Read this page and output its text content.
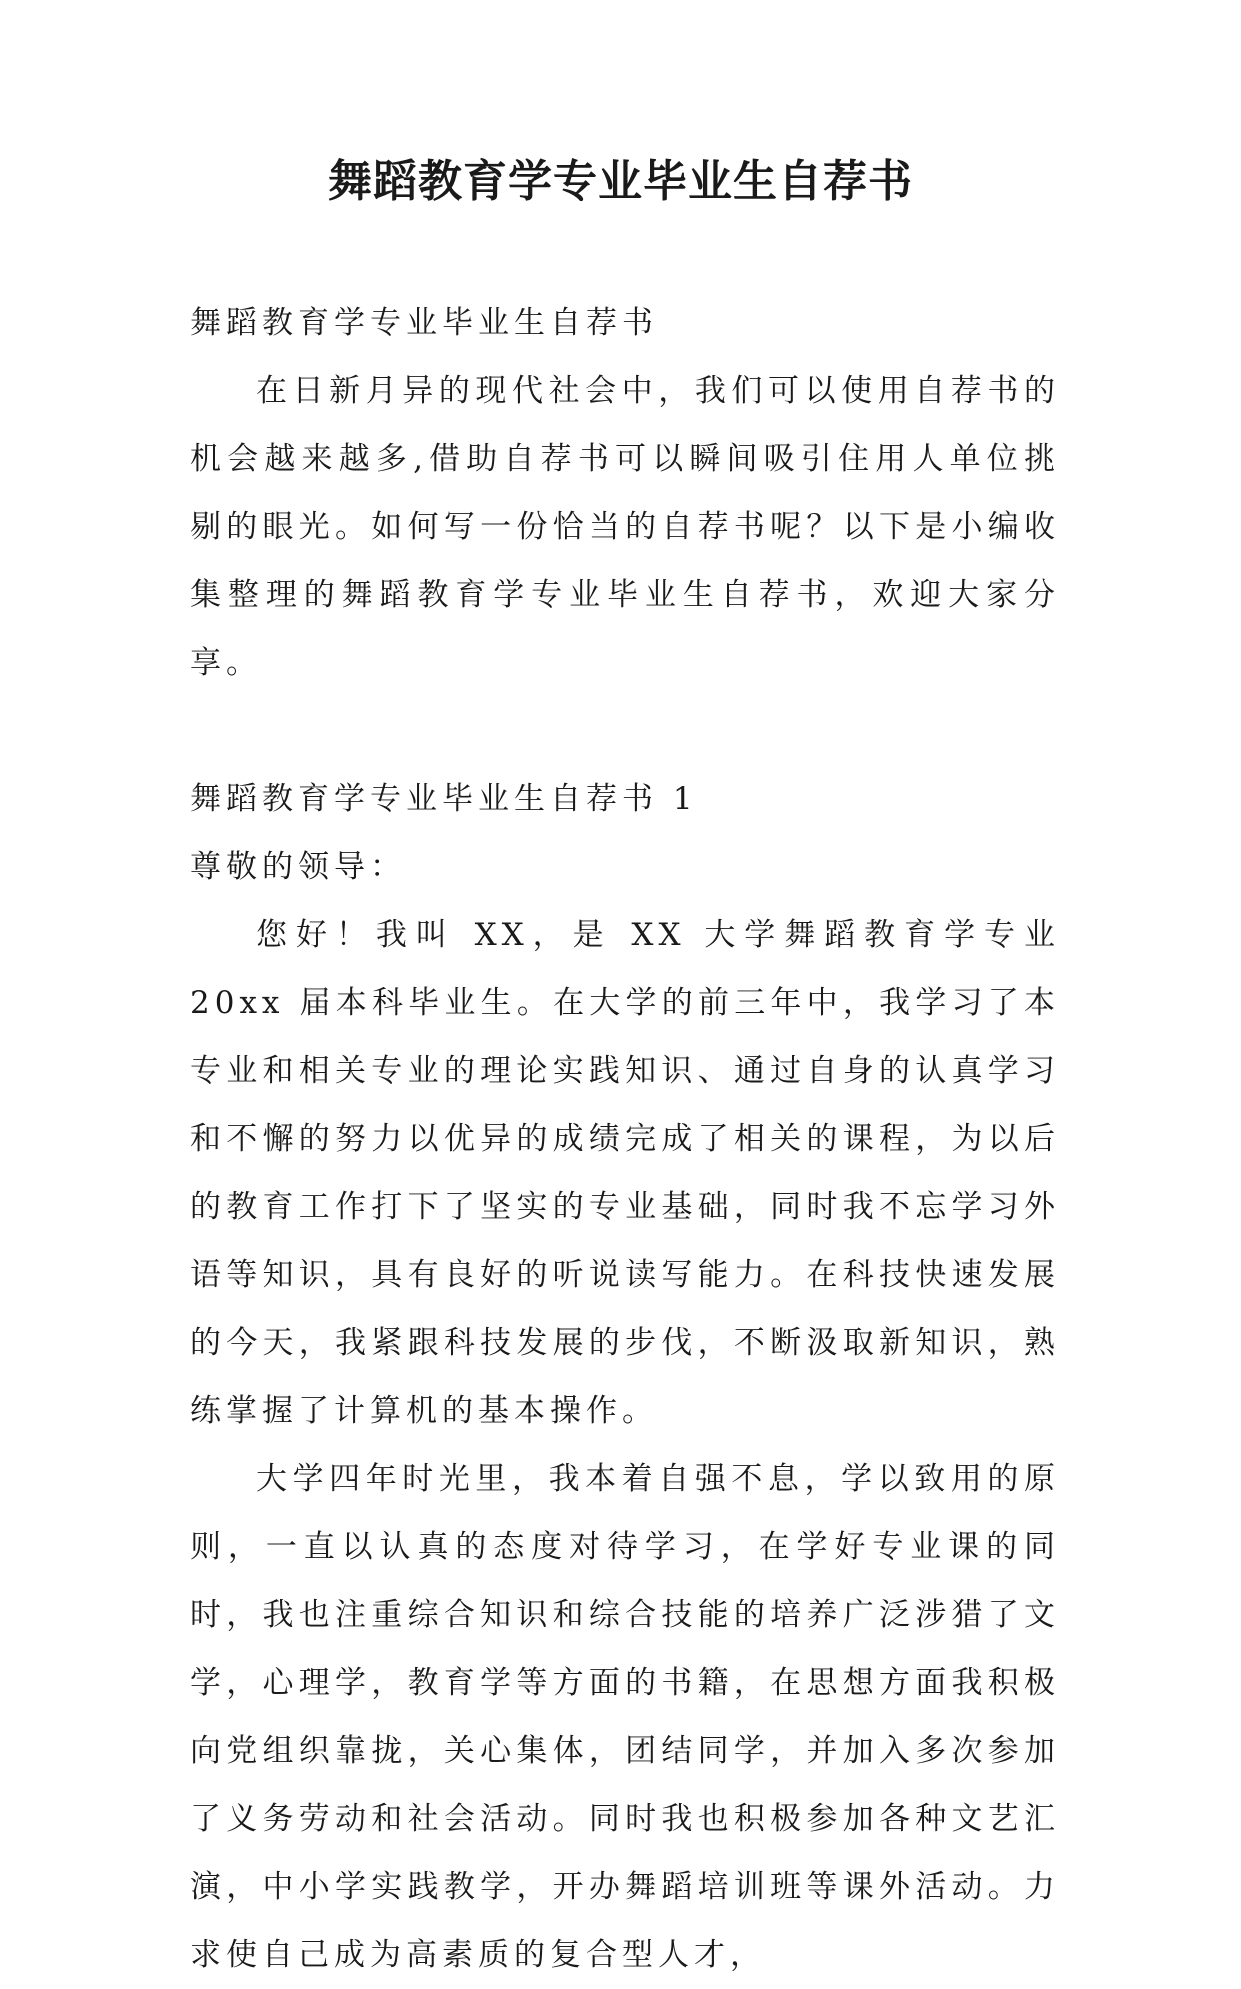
舞蹈教育学专业毕业生自荐书

舞蹈教育学专业毕业生自荐书

在日新月异的现代社会中，我们可以使用自荐书的机会越来越多,借助自荐书可以瞬间吸引住用人单位挑剔的眼光。如何写一份恰当的自荐书呢？以下是小编收集整理的舞蹈教育学专业毕业生自荐书，欢迎大家分享。

舞蹈教育学专业毕业生自荐书 1

尊敬的领导：

您好！我叫 XX，是 XX 大学舞蹈教育学专业 20xx 届本科毕业生。在大学的前三年中，我学习了本专业和相关专业的理论实践知识、通过自身的认真学习和不懈的努力以优异的成绩完成了相关的课程，为以后的教育工作打下了坚实的专业基础，同时我不忘学习外语等知识，具有良好的听说读写能力。在科技快速发展的今天，我紧跟科技发展的步伐，不断汲取新知识，熟练掌握了计算机的基本操作。

大学四年时光里，我本着自强不息，学以致用的原则，一直以认真的态度对待学习，在学好专业课的同时，我也注重综合知识和综合技能的培养广泛涉猎了文学，心理学，教育学等方面的书籍，在思想方面我积极向党组织靠拢，关心集体，团结同学，并加入多次参加了义务劳动和社会活动。同时我也积极参加各种文艺汇演，中小学实践教学，开办舞蹈培训班等课外活动。力求使自己成为高素质的复合型人才，
